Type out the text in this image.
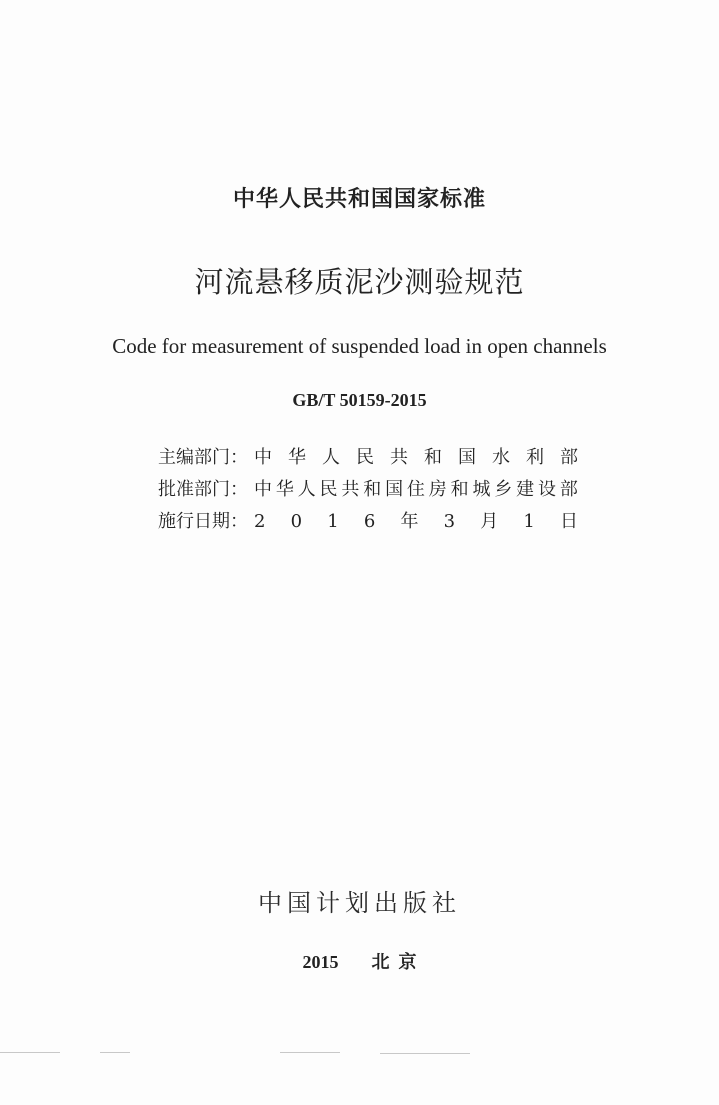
中华人民共和国国家标准
河流悬移质泥沙测验规范
Code for measurement of suspended load in open channels
GB/T 50159-2015
主编部门： 中 华 人 民 共 和 国 水 利 部
批准部门： 中 华 人 民 共 和 国 住 房 和 城 乡 建 设 部
施行日期： 2 0 1 6 年 3 月 1 日
中国计划出版社
2015 北  京
